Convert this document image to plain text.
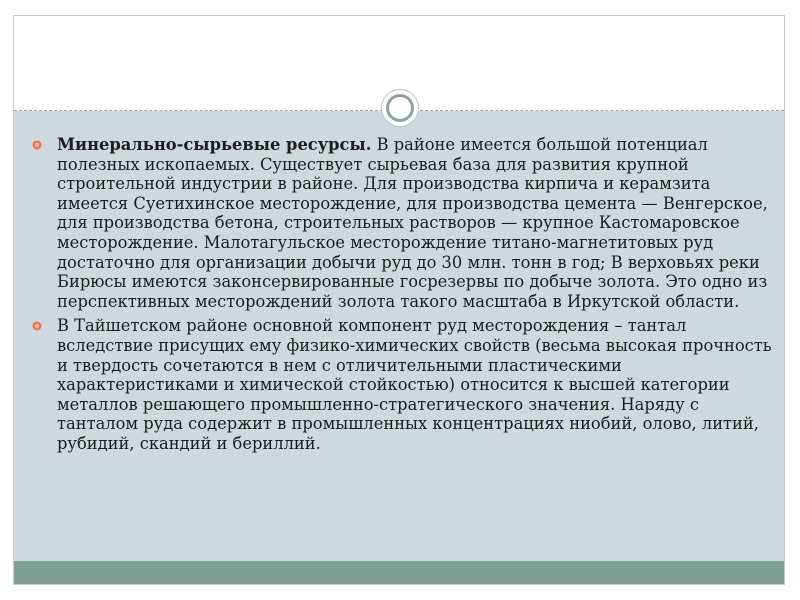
Минерально-сырьевые ресурсы. В районе имеется большой потенциал полезных ископаемых. Существует сырьевая база для развития крупной строительной индустрии в районе. Для производства кирпича и керамзита имеется Суетихинское месторождение, для производства цемента — Венгерское, для производства бетона, строительных растворов — крупное Кастомаровское месторождение. Малотагульское месторождение титано-магнетитовых руд достаточно для организации добычи руд до 30 млн. тонн в год; В верховьях реки Бирюсы имеются законсервированные госрезервы по добыче золота. Это одно из перспективных месторождений золота такого масштаба в Иркутской области.
В Тайшетском районе основной компонент руд месторождения – тантал вследствие присущих ему физико-химических свойств (весьма высокая прочность и твердость сочетаются в нем с отличительными пластическими характеристиками и химической стойкостью) относится к высшей категории металлов решающего промышленно-стратегического значения. Наряду с танталом руда содержит в промышленных концентрациях ниобий, олово, литий, рубидий, скандий и бериллий.
